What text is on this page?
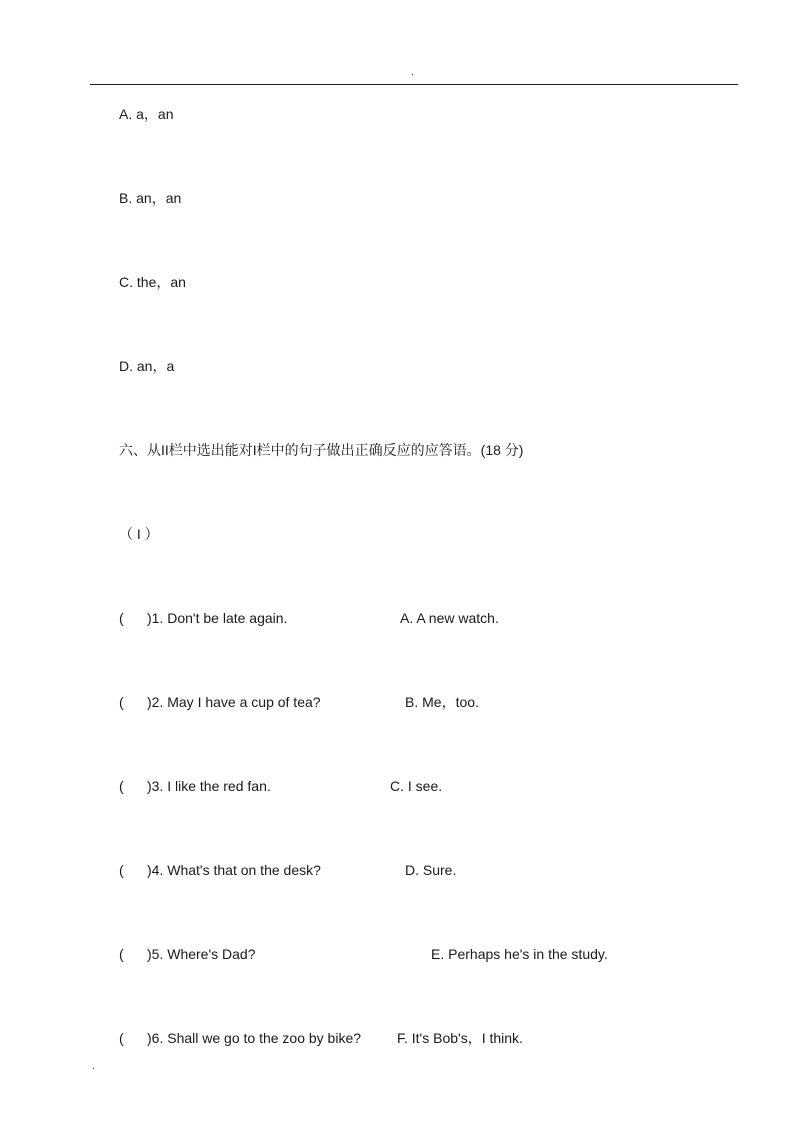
.
A. a，an
B. an，an
C. the，an
D. an，a
六、从II栏中选出能对I栏中的句子做出正确反应的应答语。(18 分)
（ I ）
( )1. Don't be late again.	A. A new watch.
( )2. May I have a cup of tea?	B. Me，too.
( )3. I like the red fan.	C. I see.
( )4. What's that on the desk?	D. Sure.
( )5. Where's Dad?	E. Perhaps he's in the study.
( )6. Shall we go to the zoo by bike?	F. It's Bob's，I think.
.
